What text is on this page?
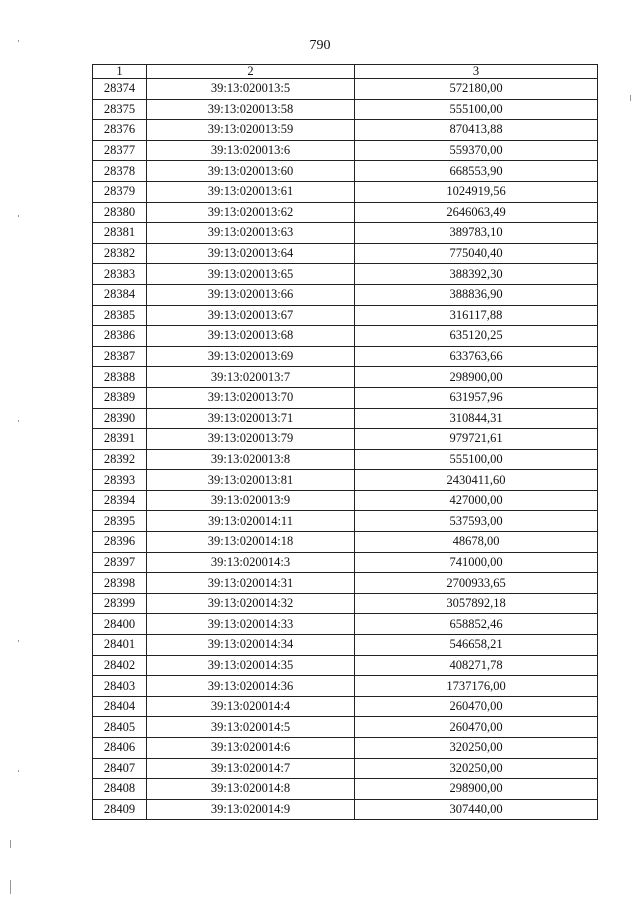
790
1	2	3
28374	39:13:020013:5	572180,00
28375	39:13:020013:58	555100,00
28376	39:13:020013:59	870413,88
28377	39:13:020013:6	559370,00
28378	39:13:020013:60	668553,90
28379	39:13:020013:61	1024919,56
28380	39:13:020013:62	2646063,49
28381	39:13:020013:63	389783,10
28382	39:13:020013:64	775040,40
28383	39:13:020013:65	388392,30
28384	39:13:020013:66	388836,90
28385	39:13:020013:67	316117,88
28386	39:13:020013:68	635120,25
28387	39:13:020013:69	633763,66
28388	39:13:020013:7	298900,00
28389	39:13:020013:70	631957,96
28390	39:13:020013:71	310844,31
28391	39:13:020013:79	979721,61
28392	39:13:020013:8	555100,00
28393	39:13:020013:81	2430411,60
28394	39:13:020013:9	427000,00
28395	39:13:020014:11	537593,00
28396	39:13:020014:18	48678,00
28397	39:13:020014:3	741000,00
28398	39:13:020014:31	2700933,65
28399	39:13:020014:32	3057892,18
28400	39:13:020014:33	658852,46
28401	39:13:020014:34	546658,21
28402	39:13:020014:35	408271,78
28403	39:13:020014:36	1737176,00
28404	39:13:020014:4	260470,00
28405	39:13:020014:5	260470,00
28406	39:13:020014:6	320250,00
28407	39:13:020014:7	320250,00
28408	39:13:020014:8	298900,00
28409	39:13:020014:9	307440,00
